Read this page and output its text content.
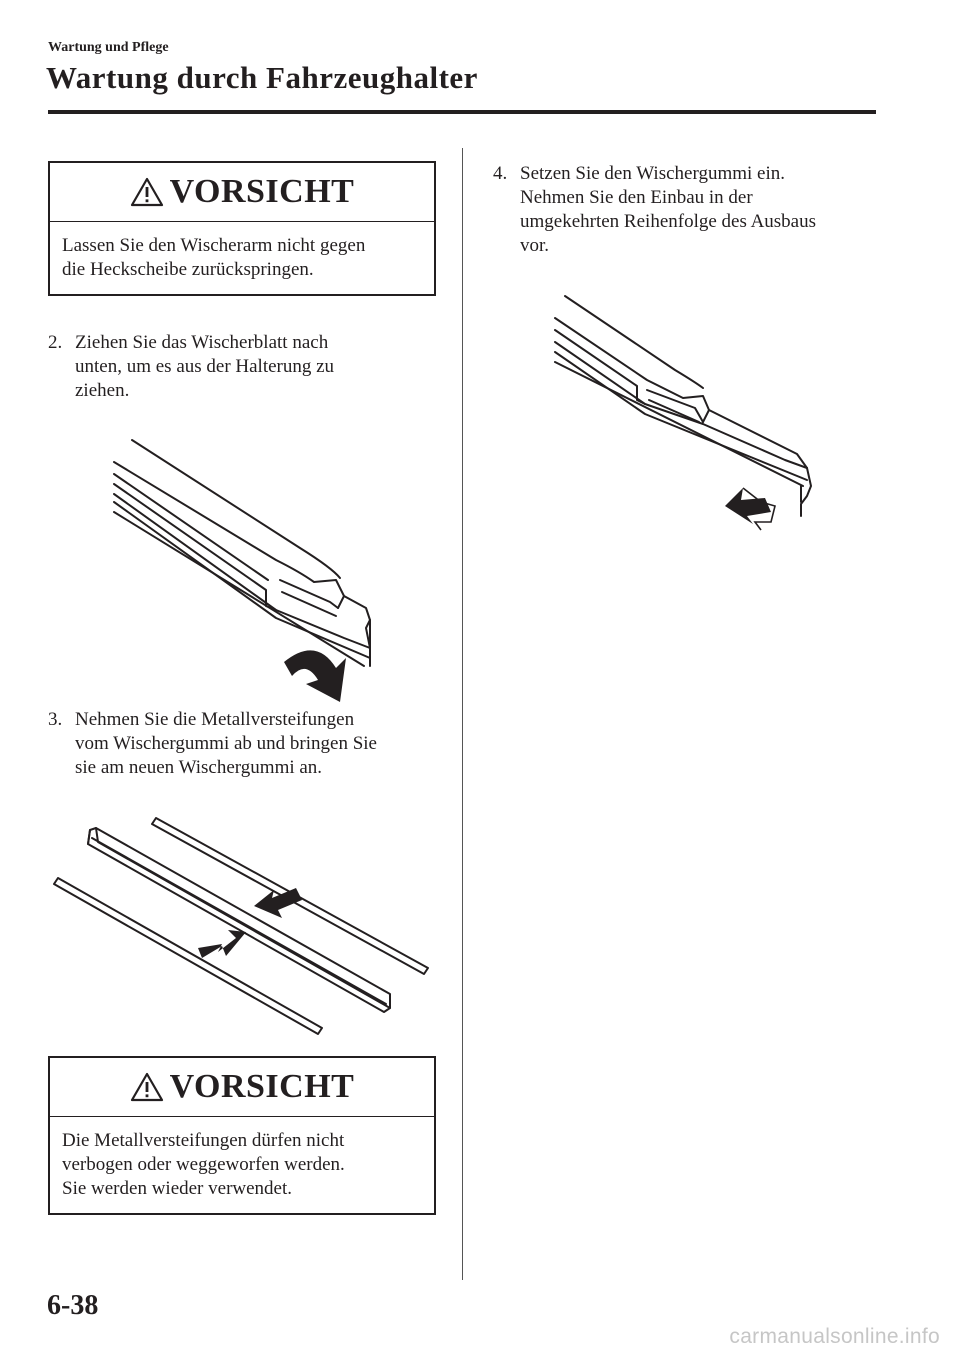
Wartung und Pflege
Wartung durch Fahrzeughalter
VORSICHT

Lassen Sie den Wischerarm nicht gegen

die Heckscheibe zurückspringen.

2. Ziehen Sie das Wischerblatt nach
unten, um es aus der Halterung zu
ziehen.
3. Nehmen Sie die Metallversteifungen
vom Wischergummi ab und bringen Sie
sie am neuen Wischergummi an.
VORSICHT

Die Metallversteifungen dürfen nicht

verbogen oder weggeworfen werden.

Sie werden wieder verwendet.

4. Setzen Sie den Wischergummi ein.
Nehmen Sie den Einbau in der
umgekehrten Reihenfolge des Ausbaus
vor.
6-38
carmanualsonline.info
